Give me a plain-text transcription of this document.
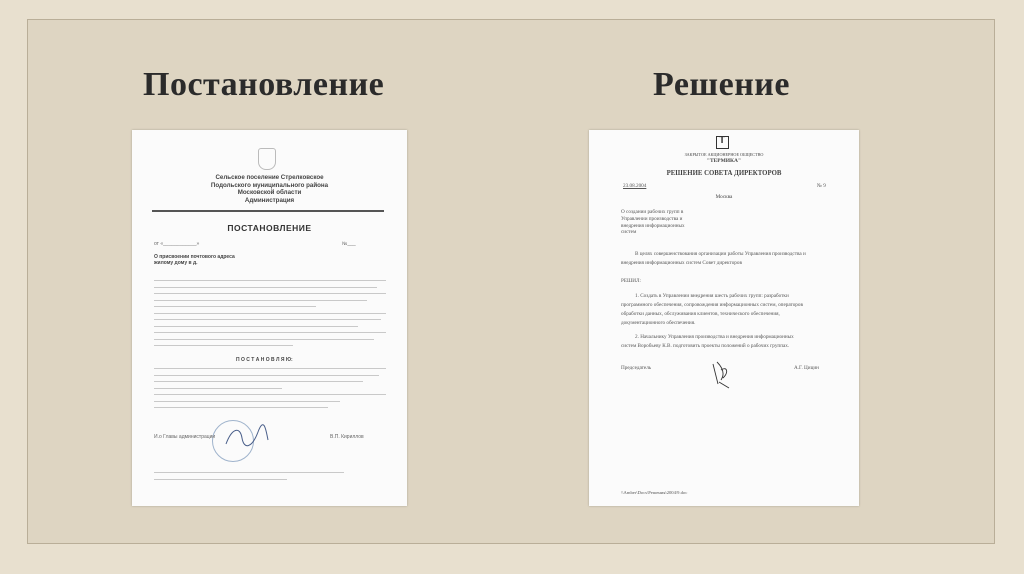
Постановление	Решение
Сельское поселение Стрелковское
Подольского муниципального района
Московской области
Администрация
ПОСТАНОВЛЕНИЕ
от «____________»	№___
О присвоении почтового адреса
жилому дому в д.
П О С Т А Н О В Л Я Ю:
И.о Главы администрации	В.П. Кириллов
T
ЗАКРЫТОЕ АКЦИОНЕРНОЕ ОБЩЕСТВО
"ТЕРМИКА"
РЕШЕНИЕ СОВЕТА ДИРЕКТОРОВ
23.08.2004	№ 9
Москва
О создании рабочих групп в
Управлении производства и
внедрения информационных
систем
В целях совершенствования организации работы Управления производства и
внедрения информационных систем Совет директоров
РЕШИЛ:
1. Создать в Управлении внедрения шесть рабочих групп: разработки
программного обеспечения, сопровождения информационных систем, операторов
обработки данных, обслуживания клиентов, технического обеспечения,
документационного обеспечения.
2. Начальнику Управления производства и внедрения информационных
систем Воробьеву К.В. подготовить проекты положений о рабочих группах.
Председатель	А.Г. Цицин
\\Amber\Docs\Решения\2004\9.doc
